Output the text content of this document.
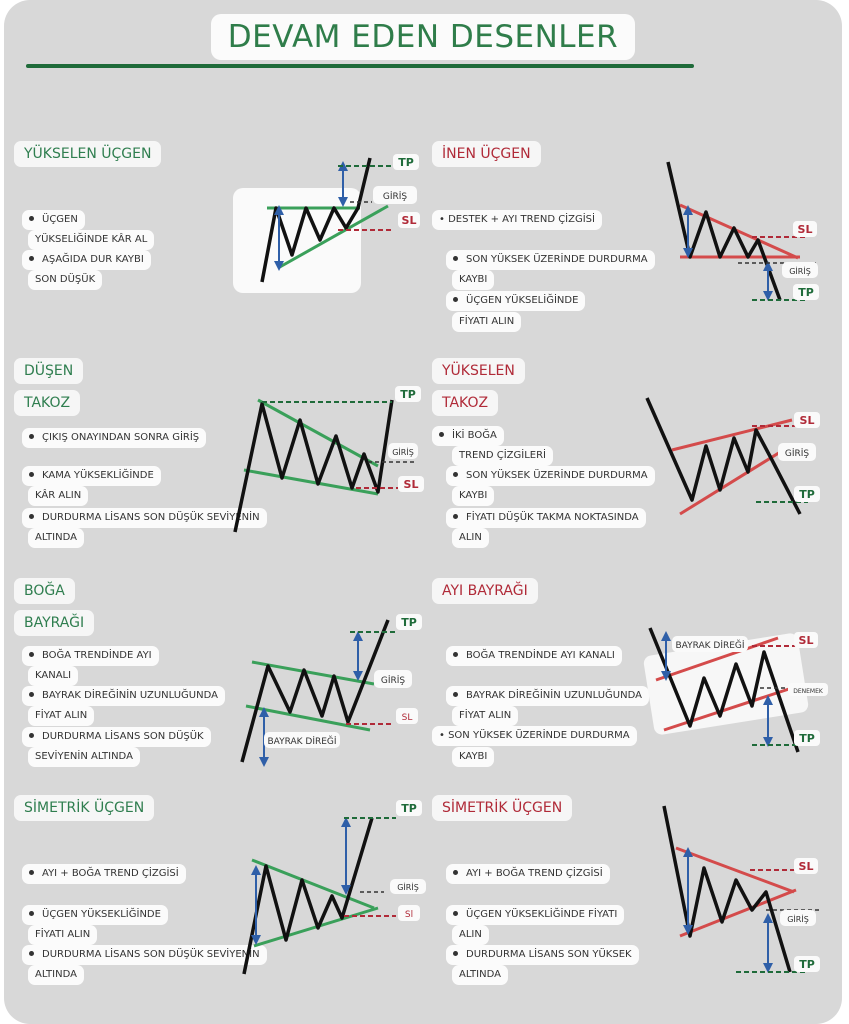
DEVAM EDEN DESENLER
YÜKSELEN ÜÇGEN
ÜÇGEN
YÜKSELİĞİNDE KÂR AL
AŞAĞIDA DUR KAYBI
SON DÜŞÜK
İNEN ÜÇGEN
• DESTEK + AYI TREND ÇİZGİSİ
SON YÜKSEK ÜZERİNDE DURDURMA
KAYBI
ÜÇGEN YÜKSELİĞİNDE
FİYATI ALIN
DÜŞEN
TAKOZ
ÇIKIŞ ONAYINDAN SONRA GİRİŞ
KAMA YÜKSEKLİĞİNDE
KÂR ALIN
DURDURMA LİSANS SON DÜŞÜK SEVİYENİN
ALTINDA
YÜKSELEN
TAKOZ
İKİ BOĞA
TREND ÇİZGİLERİ
SON YÜKSEK ÜZERİNDE DURDURMA
KAYBI
FİYATI DÜŞÜK TAKMA NOKTASINDA
ALIN
BOĞA
BAYRAĞI
BOĞA TRENDİNDE AYI
KANALI
BAYRAK DİREĞİNİN UZUNLUĞUNDA
FİYAT ALIN
DURDURMA LİSANS SON DÜŞÜK
SEVİYENİN ALTINDA
AYI BAYRAĞI
BOĞA TRENDİNDE AYI KANALI
BAYRAK DİREĞİNİN UZUNLUĞUNDA
FİYAT ALIN
• SON YÜKSEK ÜZERİNDE DURDURMA
KAYBI
SİMETRİK ÜÇGEN
AYI + BOĞA TREND ÇİZGİSİ
ÜÇGEN YÜKSEKLİĞİNDE
FİYATI ALIN
DURDURMA LİSANS SON DÜŞÜK SEVİYENİN
ALTINDA
SİMETRİK ÜÇGEN
AYI + BOĞA TREND ÇİZGİSİ
ÜÇGEN YÜKSEKLİĞİNDE FİYATI
ALIN
DURDURMA LİSANS SON YÜKSEK
ALTINDA
TP
GİRİŞ
SL
SL
GİRİŞ
TP
TP
GİRİŞ
SL
SL
GİRİŞ
TP
TP
GİRİŞ
SL
BAYRAK DİREĞİ
BAYRAK DİREĞİ	SL
DENEMEK
TP
TP
GİRİŞ
Sl
SL
GİRİŞ
TP
